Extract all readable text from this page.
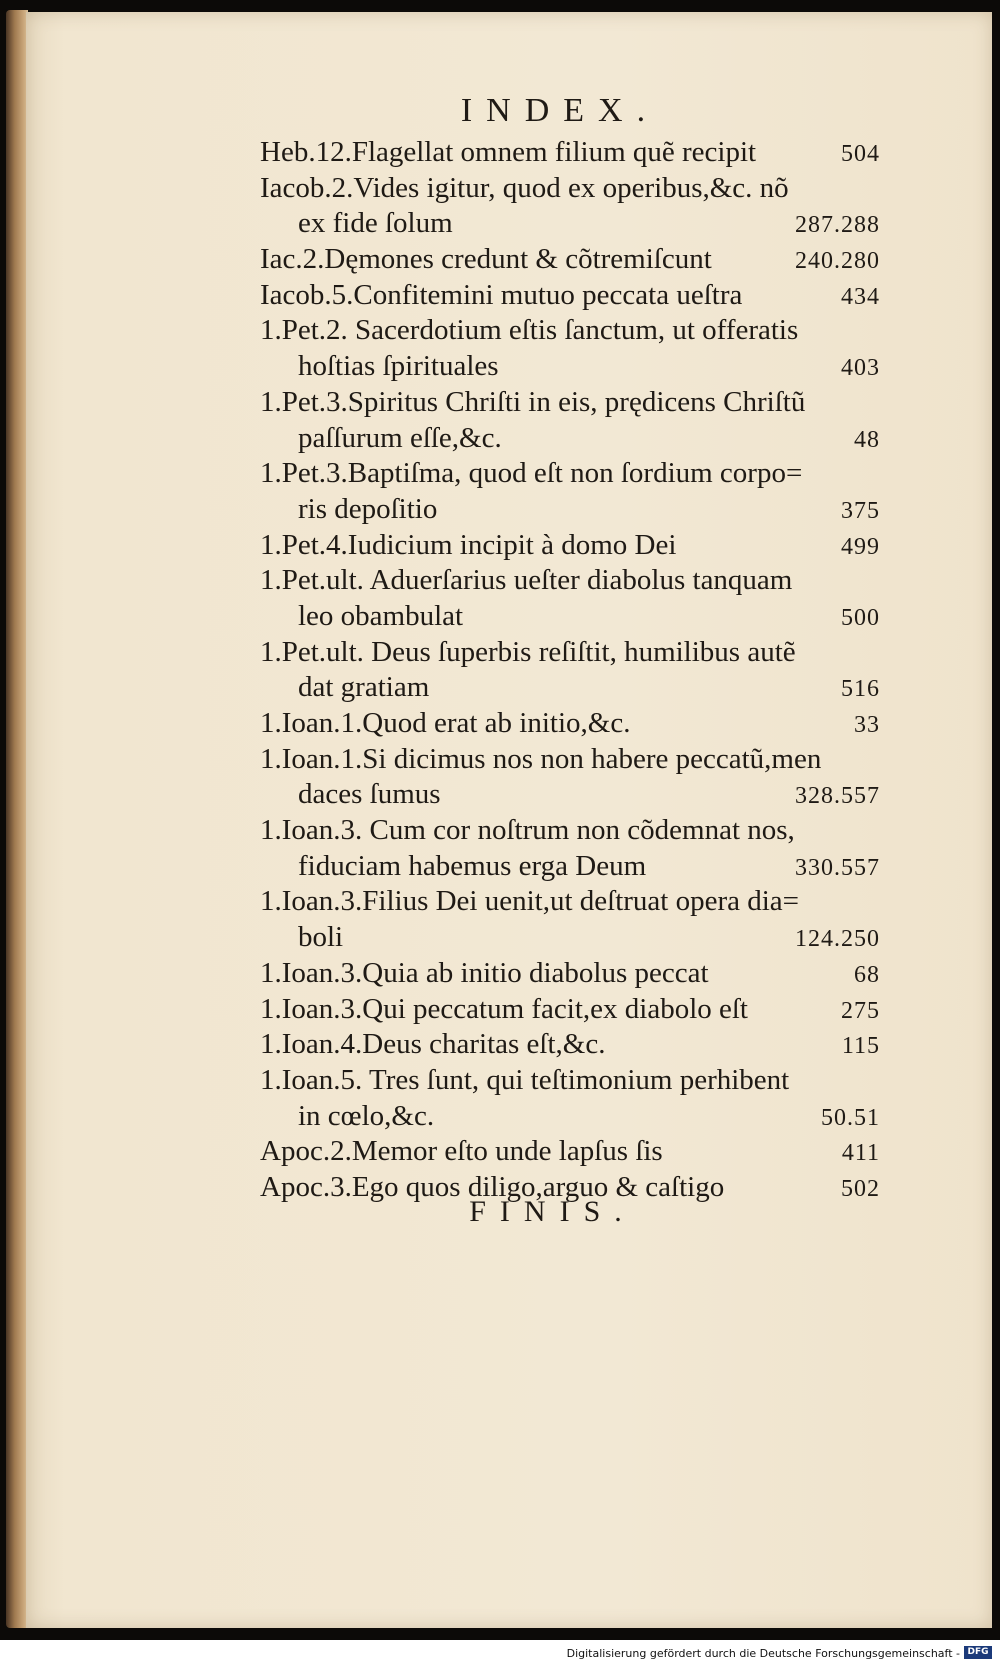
INDEX.
Heb.12.Flagellat omnem filium quẽ recipit	504
Iacob.2.Vides igitur, quod ex operibus,&c. nõ
ex fide ſolum	287.288
Iac.2.Dęmones credunt & cõtremiſcunt	240.280
Iacob.5.Confitemini mutuo peccata ueſtra	434
1.Pet.2. Sacerdotium eſtis ſanctum, ut offeratis
hoſtias ſpirituales	403
1.Pet.3.Spiritus Chriſti in eis, prędicens Chriſtũ
paſſurum eſſe,&c.	48
1.Pet.3.Baptiſma, quod eſt non ſordium corpo=
ris depoſitio	375
1.Pet.4.Iudicium incipit à domo Dei	499
1.Pet.ult. Aduerſarius ueſter diabolus tanquam
leo obambulat	500
1.Pet.ult. Deus ſuperbis reſiſtit, humilibus autẽ
dat gratiam	516
1.Ioan.1.Quod erat ab initio,&c.	33
1.Ioan.1.Si dicimus nos non habere peccatũ,men
daces ſumus	328.557
1.Ioan.3. Cum cor noſtrum non cõdemnat nos,
fiduciam habemus erga Deum	330.557
1.Ioan.3.Filius Dei uenit,ut deſtruat opera dia=
boli	124.250
1.Ioan.3.Quia ab initio diabolus peccat	68
1.Ioan.3.Qui peccatum facit,ex diabolo eſt	275
1.Ioan.4.Deus charitas eſt,&c.	115
1.Ioan.5. Tres ſunt, qui teſtimonium perhibent
in cœlo,&c.	50.51
Apoc.2.Memor eſto unde lapſus ſis	411
Apoc.3.Ego quos diligo,arguo & caſtigo	502
FINIS.
Digitalisierung gefördert durch die Deutsche Forschungsgemeinschaft - DFG
